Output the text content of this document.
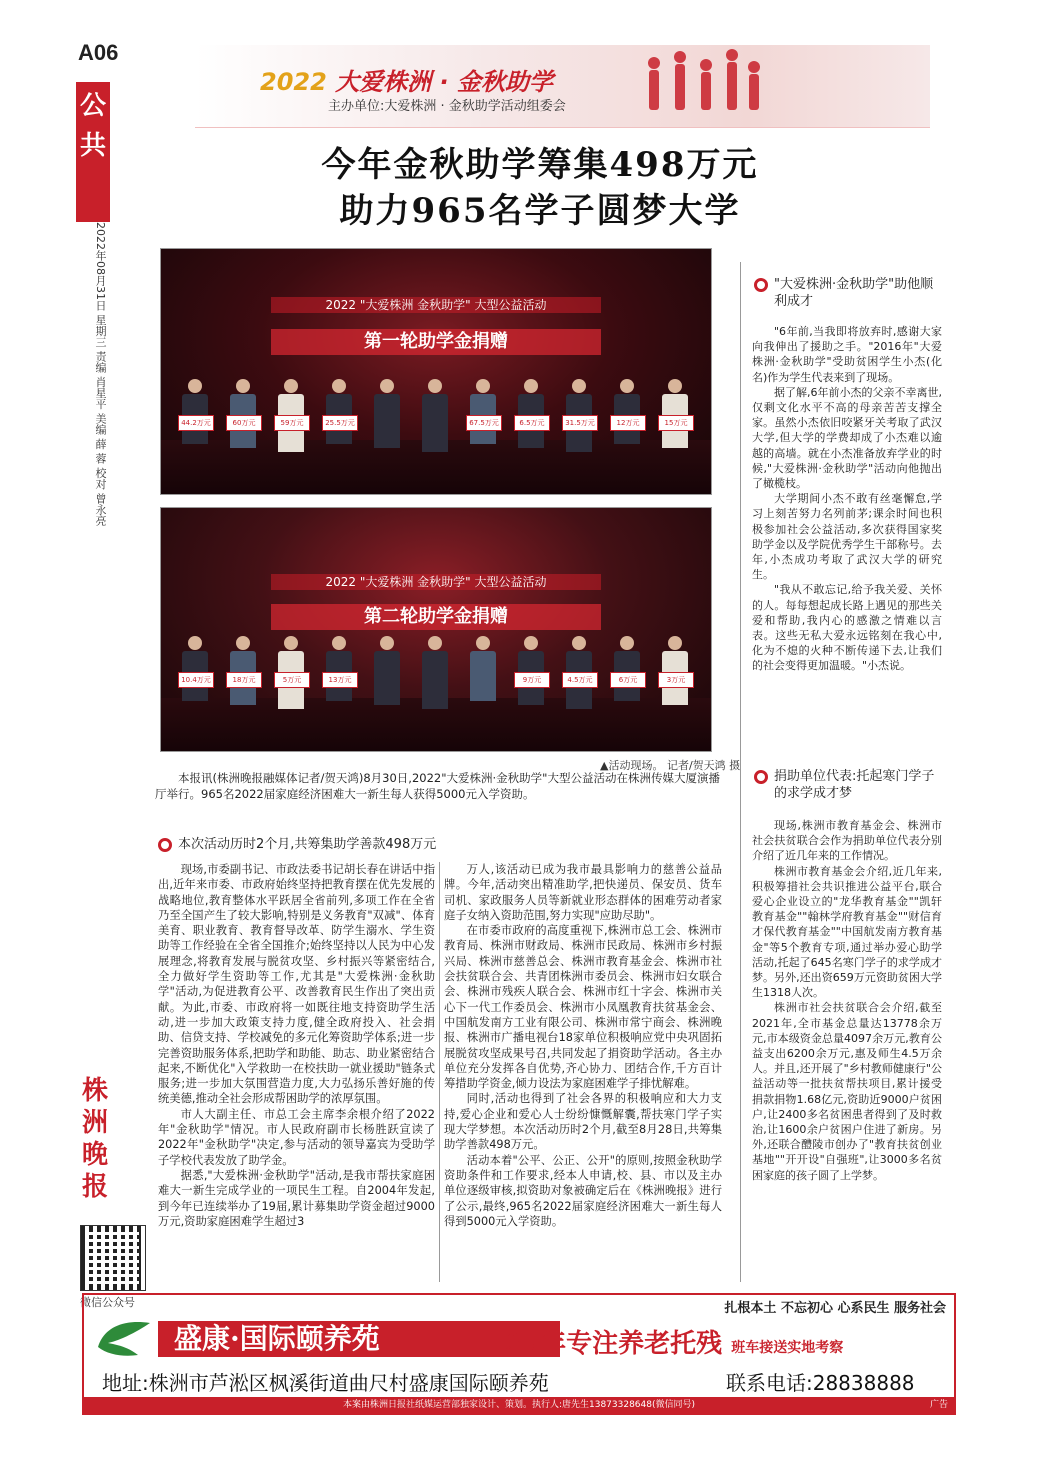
A06
公共
2022年08月31日 星期三 责编 肖星平 美编 薛 蓉 校对 曾永亮
株洲晚报
微信公众号
2022 大爱株洲 · 金秋助学
主办单位:大爱株洲 · 金秋助学活动组委会
今年金秋助学筹集498万元
助力965名学子圆梦大学
2022 "大爱株洲 金秋助学" 大型公益活动
第一轮助学金捐赠
44.2万元	60万元	59万元	25.5万元	67.5万元	6.5万元	31.5万元	12万元	15万元
2022 "大爱株洲 金秋助学" 大型公益活动
第二轮助学金捐赠
10.4万元	18万元	5万元	13万元	9万元	4.5万元	6万元	3万元
▲活动现场。 记者/贺天鸿 摄
本报讯(株洲晚报融媒体记者/贺天鸿)8月30日,2022"大爱株洲·金秋助学"大型公益活动在株洲传媒大厦演播厅举行。965名2022届家庭经济困难大一新生每人获得5000元入学资助。
本次活动历时2个月,共筹集助学善款498万元

现场,市委副书记、市政法委书记胡长春在讲话中指出,近年来市委、市政府始终坚持把教育摆在优先发展的战略地位,教育整体水平跃居全省前列,多项工作在全省乃至全国产生了较大影响,特别是义务教育"双减"、体育美育、职业教育、教育督导改革、防学生溺水、学生资助等工作经验在全省全国推介;始终坚持以人民为中心发展理念,将教育发展与脱贫攻坚、乡村振兴等紧密结合,全力做好学生资助等工作,尤其是"大爱株洲·金秋助学"活动,为促进教育公平、改善教育民生作出了突出贡献。为此,市委、市政府将一如既往地支持资助学生活动,进一步加大政策支持力度,健全政府投入、社会捐助、信贷支持、学校减免的多元化筹资助学体系;进一步完善资助服务体系,把助学和助能、助志、助业紧密结合起来,不断优化"入学救助一在校扶助一就业援助"链条式服务;进一步加大氛围营造力度,大力弘扬乐善好施的传统美德,推动全社会形成帮困助学的浓厚氛围。

市人大副主任、市总工会主席李余根介绍了2022年"金秋助学"情况。市人民政府副市长杨胜跃宣读了2022年"金秋助学"决定,参与活动的领导嘉宾为受助学子学校代表发放了助学金。

据悉,"大爱株洲·金秋助学"活动,是我市帮扶家庭困难大一新生完成学业的一项民生工程。自2004年发起,到今年已连续举办了19届,累计募集助学资金超过9000万元,资助家庭困难学生超过3

万人,该活动已成为我市最具影响力的慈善公益品牌。今年,活动突出精准助学,把快递员、保安员、货车司机、家政服务人员等新就业形态群体的困难劳动者家庭子女纳入资助范围,努力实现"应助尽助"。

在市委市政府的高度重视下,株洲市总工会、株洲市教育局、株洲市财政局、株洲市民政局、株洲市乡村振兴局、株洲市慈善总会、株洲市教育基金会、株洲市社会扶贫联合会、共青团株洲市委员会、株洲市妇女联合会、株洲市残疾人联合会、株洲市红十字会、株洲市关心下一代工作委员会、株洲市小凤凰教育扶贫基金会、中国航发南方工业有限公司、株洲市常宁商会、株洲晚报、株洲市广播电视台18家单位积极响应党中央巩固拓展脱贫攻坚成果号召,共同发起了捐资助学活动。各主办单位充分发挥各自优势,齐心协力、团结合作,千方百计筹措助学资金,倾力设法为家庭困难学子排忧解难。

同时,活动也得到了社会各界的积极响应和大力支持,爱心企业和爱心人士纷纷慷慨解囊,帮扶寒门学子实现大学梦想。本次活动历时2个月,截至8月28日,共筹集助学善款498万元。

活动本着"公平、公正、公开"的原则,按照金秋助学资助条件和工作要求,经本人申请,校、县、市以及主办单位逐级审核,拟资助对象被确定后在《株洲晚报》进行了公示,最终,965名2022届家庭经济困难大一新生每人得到5000元入学资助。

"大爱株洲·金秋助学"助他顺利成才

"6年前,当我即将放弃时,感谢大家向我伸出了援助之手。"2016年"大爱株洲·金秋助学"受助贫困学生小杰(化名)作为学生代表来到了现场。

据了解,6年前小杰的父亲不幸离世,仅剩文化水平不高的母亲苦苦支撑全家。虽然小杰依旧咬紧牙关考取了武汉大学,但大学的学费却成了小杰难以逾越的高墙。就在小杰准备放弃学业的时候,"大爱株洲·金秋助学"活动向他抛出了橄榄枝。

大学期间小杰不敢有丝毫懈怠,学习上刻苦努力名列前茅;课余时间也积极参加社会公益活动,多次获得国家奖助学金以及学院优秀学生干部称号。去年,小杰成功考取了武汉大学的研究生。

"我从不敢忘记,给予我关爱、关怀的人。每每想起成长路上遇见的那些关爱和帮助,我内心的感激之情难以言表。这些无私大爱永远铭刻在我心中,化为不熄的火种不断传递下去,让我们的社会变得更加温暖。"小杰说。

捐助单位代表:托起寒门学子的求学成才梦

现场,株洲市教育基金会、株洲市社会扶贫联合会作为捐助单位代表分别介绍了近几年来的工作情况。

株洲市教育基金会介绍,近几年来,积极筹措社会共识推进公益平台,联合爱心企业设立的"龙华教育基金""凯轩教育基金""翰林学府教育基金""财信育才保代教育基金""中国航发南方教育基金"等5个教育专项,通过举办爱心助学活动,托起了645名寒门学子的求学成才梦。另外,还出资659万元资助贫困大学生1318人次。

株洲市社会扶贫联合会介绍,截至2021年,全市基金总量达13778余万元,市本级资金总量4097余万元,教育公益支出6200余万元,惠及师生4.5万余人。并且,还开展了"乡村教师健康行"公益活动等一批扶贫帮扶项目,累计援受捐款捐物1.68亿元,资助近9000户贫困户,让2400多名贫困患者得到了及时救治,让1600余户贫困户住进了新房。另外,还联合醴陵市创办了"教育扶贫创业基地""开开设"自强班",让3000多名贫困家庭的孩子圆了上学梦。

扎根本土 不忘初心 心系民生 服务社会
盛康·国际颐养苑	29年专注养老托残 班车接送实地考察
地址:株洲市芦淞区枫溪街道曲尺村盛康国际颐养苑	联系电话:28838888
本案由株洲日报社纸媒运营部独家设计、策划。执行人:唐先生13873328648(微信同号)	广告
